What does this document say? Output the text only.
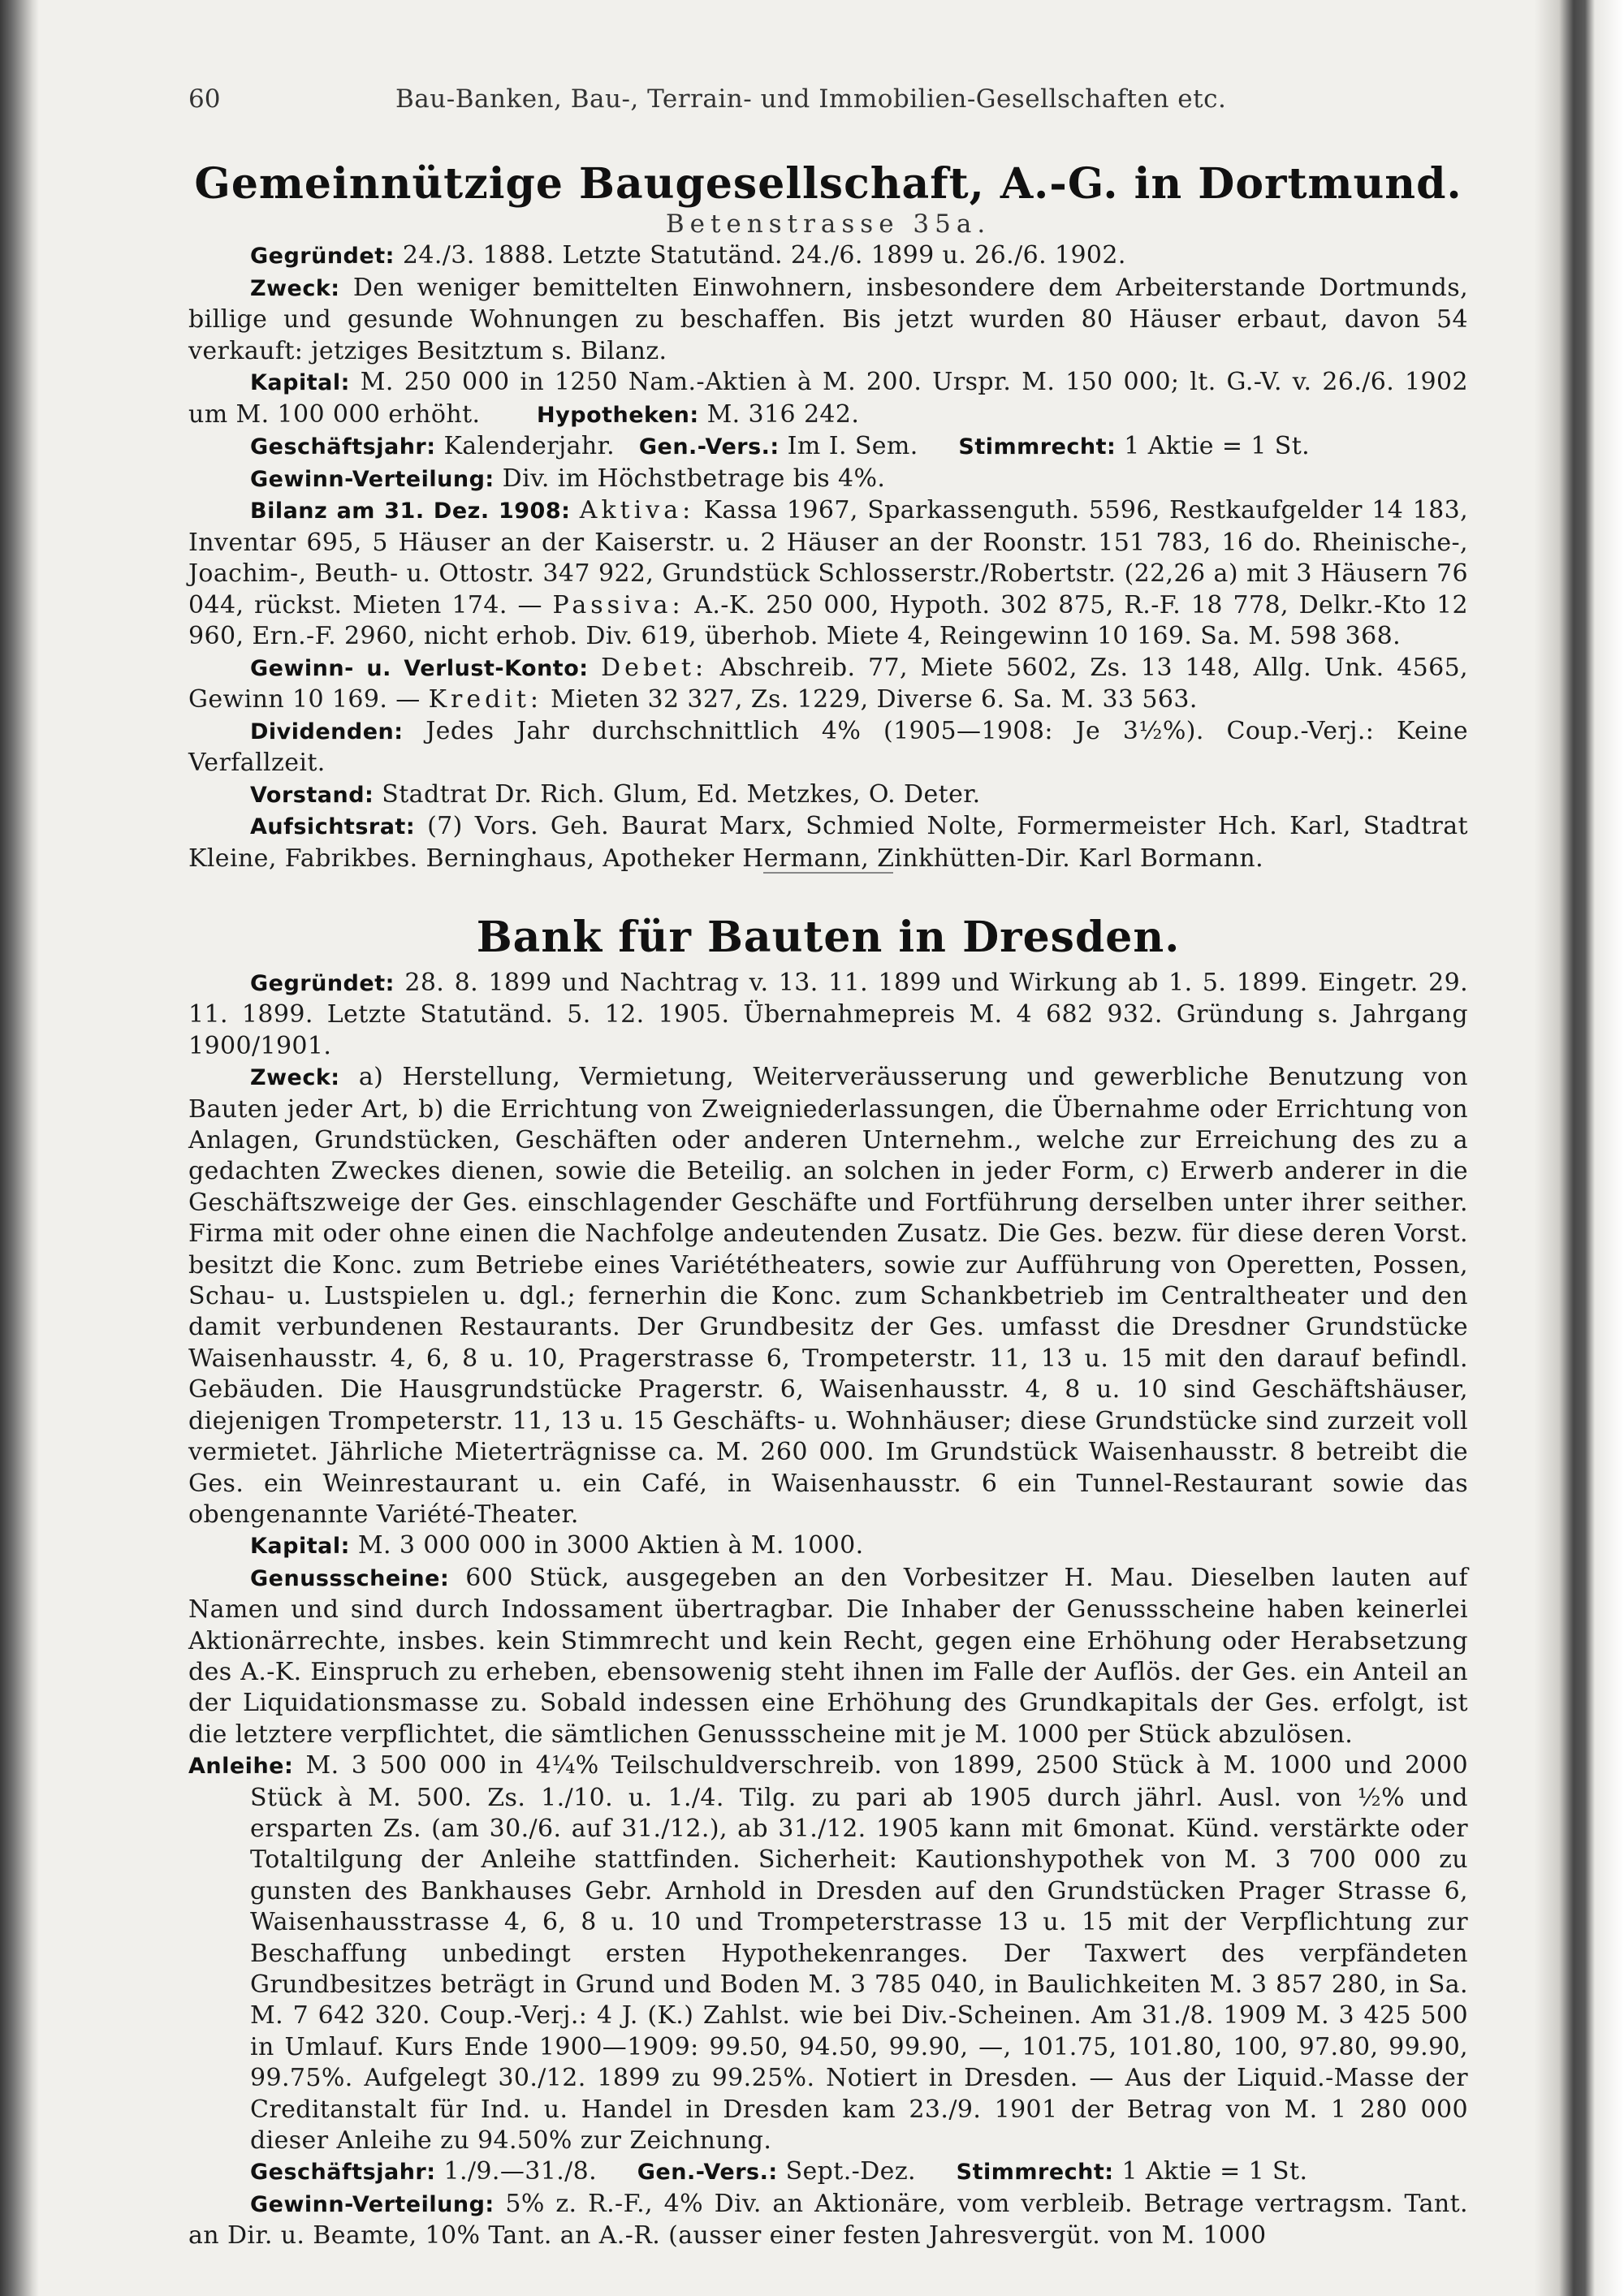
60	Bau-Banken, Bau-, Terrain- und Immobilien-Gesellschaften etc.
Gemeinnützige Baugesellschaft, A.-G. in Dortmund.
Betenstrasse 35a.

Gegründet: 24./3. 1888. Letzte Statutänd. 24./6. 1899 u. 26./6. 1902.

Zweck: Den weniger bemittelten Einwohnern, insbesondere dem Arbeiterstande Dortmunds, billige und gesunde Wohnungen zu beschaffen. Bis jetzt wurden 80 Häuser erbaut, davon 54 verkauft: jetziges Besitztum s. Bilanz.

Kapital: M. 250 000 in 1250 Nam.-Aktien à M. 200. Urspr. M. 150 000; lt. G.-V. v. 26./6. 1902 um M. 100 000 erhöht.	Hypotheken: M. 316 242.

Geschäftsjahr: Kalenderjahr. Gen.-Vers.: Im I. Sem. Stimmrecht: 1 Aktie = 1 St.

Gewinn-Verteilung: Div. im Höchstbetrage bis 4%.

Bilanz am 31. Dez. 1908: Aktiva: Kassa 1967, Sparkassenguth. 5596, Restkaufgelder 14 183, Inventar 695, 5 Häuser an der Kaiserstr. u. 2 Häuser an der Roonstr. 151 783, 16 do. Rheinische-, Joachim-, Beuth- u. Ottostr. 347 922, Grundstück Schlosserstr./Robertstr. (22,26 a) mit 3 Häusern 76 044, rückst. Mieten 174. — Passiva: A.-K. 250 000, Hypoth. 302 875, R.-F. 18 778, Delkr.-Kto 12 960, Ern.-F. 2960, nicht erhob. Div. 619, überhob. Miete 4, Reingewinn 10 169. Sa. M. 598 368.

Gewinn- u. Verlust-Konto: Debet: Abschreib. 77, Miete 5602, Zs. 13 148, Allg. Unk. 4565, Gewinn 10 169. — Kredit: Mieten 32 327, Zs. 1229, Diverse 6. Sa. M. 33 563.

Dividenden: Jedes Jahr durchschnittlich 4% (1905—1908: Je 3½%). Coup.-Verj.: Keine Verfallzeit.

Vorstand: Stadtrat Dr. Rich. Glum, Ed. Metzkes, O. Deter.

Aufsichtsrat: (7) Vors. Geh. Baurat Marx, Schmied Nolte, Formermeister Hch. Karl, Stadtrat Kleine, Fabrikbes. Berninghaus, Apotheker Hermann, Zinkhütten-Dir. Karl Bormann.

Bank für Bauten in Dresden.

Gegründet: 28. 8. 1899 und Nachtrag v. 13. 11. 1899 und Wirkung ab 1. 5. 1899. Eingetr. 29. 11. 1899. Letzte Statutänd. 5. 12. 1905. Übernahmepreis M. 4 682 932. Gründung s. Jahrgang 1900/1901.

Zweck: a) Herstellung, Vermietung, Weiterveräusserung und gewerbliche Benutzung von Bauten jeder Art, b) die Errichtung von Zweigniederlassungen, die Übernahme oder Errichtung von Anlagen, Grundstücken, Geschäften oder anderen Unternehm., welche zur Erreichung des zu a gedachten Zweckes dienen, sowie die Beteilig. an solchen in jeder Form, c) Erwerb anderer in die Geschäftszweige der Ges. einschlagender Geschäfte und Fortführung derselben unter ihrer seither. Firma mit oder ohne einen die Nachfolge andeutenden Zusatz. Die Ges. bezw. für diese deren Vorst. besitzt die Konc. zum Betriebe eines Variététheaters, sowie zur Aufführung von Operetten, Possen, Schau- u. Lustspielen u. dgl.; fernerhin die Konc. zum Schankbetrieb im Centraltheater und den damit verbundenen Restaurants. Der Grundbesitz der Ges. umfasst die Dresdner Grundstücke Waisenhausstr. 4, 6, 8 u. 10, Pragerstrasse 6, Trompeterstr. 11, 13 u. 15 mit den darauf befindl. Gebäuden. Die Hausgrundstücke Pragerstr. 6, Waisenhausstr. 4, 8 u. 10 sind Geschäftshäuser, diejenigen Trompeterstr. 11, 13 u. 15 Geschäfts- u. Wohnhäuser; diese Grundstücke sind zurzeit voll vermietet. Jährliche Mieterträgnisse ca. M. 260 000. Im Grundstück Waisenhausstr. 8 betreibt die Ges. ein Weinrestaurant u. ein Café, in Waisenhausstr. 6 ein Tunnel-Restaurant sowie das obengenannte Variété-Theater.

Kapital: M. 3 000 000 in 3000 Aktien à M. 1000.

Genussscheine: 600 Stück, ausgegeben an den Vorbesitzer H. Mau. Dieselben lauten auf Namen und sind durch Indossament übertragbar. Die Inhaber der Genussscheine haben keinerlei Aktionärrechte, insbes. kein Stimmrecht und kein Recht, gegen eine Erhöhung oder Herabsetzung des A.-K. Einspruch zu erheben, ebensowenig steht ihnen im Falle der Auflös. der Ges. ein Anteil an der Liquidationsmasse zu. Sobald indessen eine Erhöhung des Grundkapitals der Ges. erfolgt, ist die letztere verpflichtet, die sämtlichen Genussscheine mit je M. 1000 per Stück abzulösen.

Anleihe: M. 3 500 000 in 4¼% Teilschuldverschreib. von 1899, 2500 Stück à M. 1000 und 2000 Stück à M. 500. Zs. 1./10. u. 1./4. Tilg. zu pari ab 1905 durch jährl. Ausl. von ½% und ersparten Zs. (am 30./6. auf 31./12.), ab 31./12. 1905 kann mit 6monat. Künd. verstärkte oder Totaltilgung der Anleihe stattfinden. Sicherheit: Kautionshypothek von M. 3 700 000 zu gunsten des Bankhauses Gebr. Arnhold in Dresden auf den Grundstücken Prager Strasse 6, Waisenhausstrasse 4, 6, 8 u. 10 und Trompeterstrasse 13 u. 15 mit der Verpflichtung zur Beschaffung unbedingt ersten Hypothekenranges. Der Taxwert des verpfändeten Grundbesitzes beträgt in Grund und Boden M. 3 785 040, in Baulichkeiten M. 3 857 280, in Sa. M. 7 642 320. Coup.-Verj.: 4 J. (K.) Zahlst. wie bei Div.-Scheinen. Am 31./8. 1909 M. 3 425 500 in Umlauf. Kurs Ende 1900—1909: 99.50, 94.50, 99.90, —, 101.75, 101.80, 100, 97.80, 99.90, 99.75%. Aufgelegt 30./12. 1899 zu 99.25%. Notiert in Dresden. — Aus der Liquid.-Masse der Creditanstalt für Ind. u. Handel in Dresden kam 23./9. 1901 der Betrag von M. 1 280 000 dieser Anleihe zu 94.50% zur Zeichnung.

Geschäftsjahr: 1./9.—31./8. Gen.-Vers.: Sept.-Dez. Stimmrecht: 1 Aktie = 1 St.

Gewinn-Verteilung: 5% z. R.-F., 4% Div. an Aktionäre, vom verbleib. Betrage vertragsm. Tant. an Dir. u. Beamte, 10% Tant. an A.-R. (ausser einer festen Jahresvergüt. von M. 1000
